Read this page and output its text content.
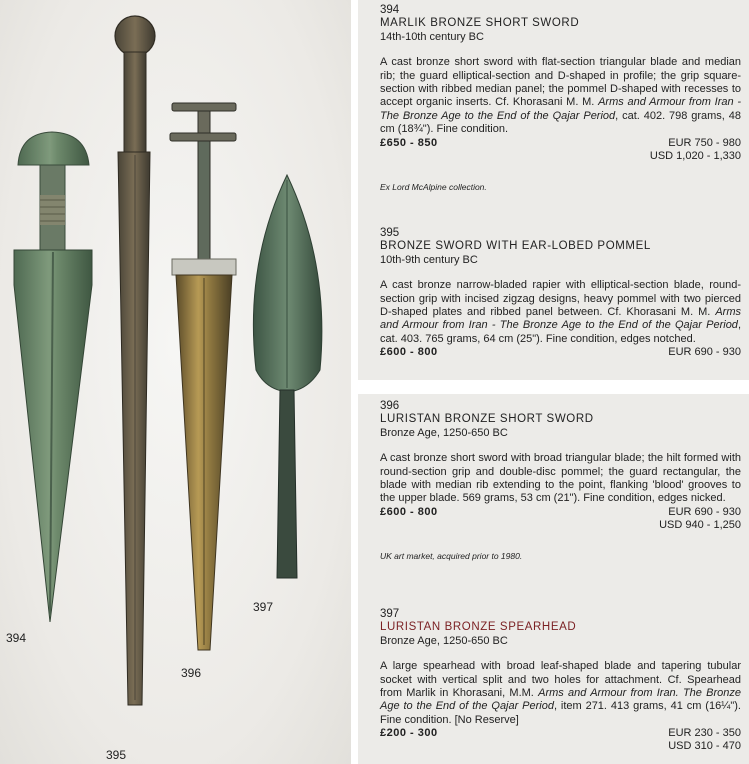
394
395
396
397
394
MARLIK BRONZE SHORT SWORD
14th-10th century BC
A cast bronze short sword with flat-section triangular blade and median rib; the guard elliptical-section and D-shaped in profile; the grip square-section with ribbed median panel; the pommel D-shaped with recesses to accept organic inserts. Cf. Khorasani M. M. Arms and Armour from Iran - The Bronze Age to the End of the Qajar Period, cat. 402. 798 grams, 48 cm (18¾"). Fine condition.
£650 - 850	EUR 750 - 980
USD 1,020 - 1,330
Ex Lord McAlpine collection.
395
BRONZE SWORD WITH EAR-LOBED POMMEL
10th-9th century BC
A cast bronze narrow-bladed rapier with elliptical-section blade, round-section grip with incised zigzag designs, heavy pommel with two pierced D-shaped plates and ribbed panel between. Cf. Khorasani M. M. Arms and Armour from Iran - The Bronze Age to the End of the Qajar Period, cat. 403. 765 grams, 64 cm (25"). Fine condition, edges notched.
£600 - 800	EUR 690 - 930
396
LURISTAN BRONZE SHORT SWORD
Bronze Age, 1250-650 BC
A cast bronze short sword with broad triangular blade; the hilt formed with round-section grip and double-disc pommel; the guard rectangular, the blade with median rib extending to the point, flanking 'blood' grooves to the upper blade. 569 grams, 53 cm (21"). Fine condition, edges nicked.
£600 - 800	EUR 690 - 930
USD 940 - 1,250
UK art market, acquired prior to 1980.
397
LURISTAN BRONZE SPEARHEAD
Bronze Age, 1250-650 BC
A large spearhead with broad leaf-shaped blade and tapering tubular socket with vertical split and two holes for attachment. Cf. Spearhead from Marlik in Khorasani, M.M. Arms and Armour from Iran. The Bronze Age to the End of the Qajar Period, item 271. 413 grams, 41 cm (16¼"). Fine condition. [No Reserve]
£200 - 300	EUR 230 - 350
USD 310 - 470
